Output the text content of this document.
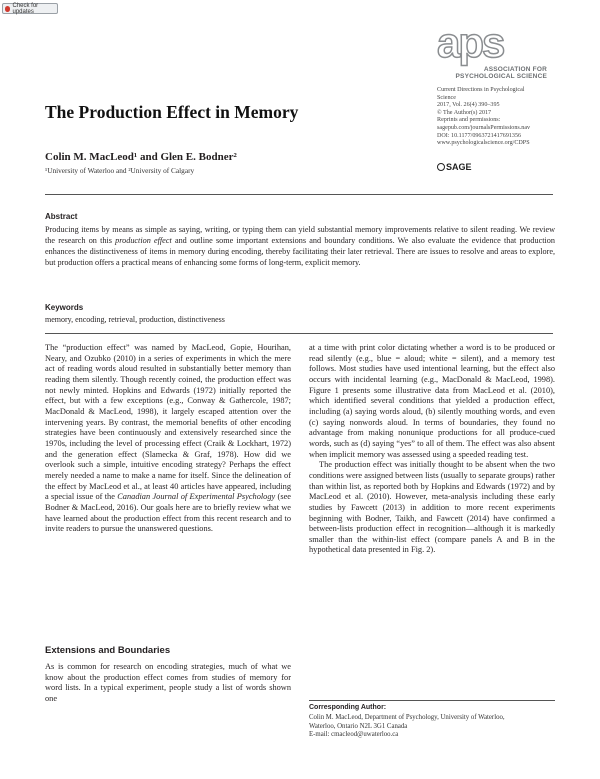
Check for updates
aps
ASSOCIATION FOR
PSYCHOLOGICAL SCIENCE
Current Directions in Psychological
Science
2017, Vol. 26(4) 390–395
© The Author(s) 2017
Reprints and permissions:
sagepub.com/journalsPermissions.nav
DOI: 10.1177/0963721417691356
www.psychologicalscience.org/CDPS
SAGE
The Production Effect in Memory
Colin M. MacLeod¹ and Glen E. Bodner²
¹University of Waterloo and ²University of Calgary
Abstract
Producing items by means as simple as saying, writing, or typing them can yield substantial memory improvements relative to silent reading. We review the research on this production effect and outline some important extensions and boundary conditions. We also evaluate the evidence that production enhances the distinctiveness of items in memory during encoding, thereby facilitating their later retrieval. There are issues to resolve and areas to explore, but production offers a practical means of enhancing some forms of long-term, explicit memory.
Keywords
memory, encoding, retrieval, production, distinctiveness

The “production effect” was named by MacLeod, Gopie, Hourihan, Neary, and Ozubko (2010) in a series of experiments in which the mere act of reading words aloud resulted in substantially better memory than reading them silently. Though recently coined, the production effect was not newly minted. Hopkins and Edwards (1972) initially reported the effect, but with a few exceptions (e.g., Conway & Gathercole, 1987; MacDonald & MacLeod, 1998), it largely escaped attention over the intervening years. By contrast, the memorial benefits of other encoding strategies have been continuously and extensively researched since the 1970s, including the level of processing effect (Craik & Lockhart, 1972) and the generation effect (Slamecka & Graf, 1978). How did we overlook such a simple, intuitive encoding strategy? Perhaps the effect merely needed a name to make a name for itself. Since the delineation of the effect by MacLeod et al., at least 40 articles have appeared, including a special issue of the Canadian Journal of Experimental Psychology (see Bodner & MacLeod, 2016). Our goals here are to briefly review what we have learned about the production effect from this recent research and to invite readers to pursue the unanswered questions.

Extensions and Boundaries

As is common for research on encoding strategies, much of what we know about the production effect comes from studies of memory for word lists. In a typical experiment, people study a list of words shown one

at a time with print color dictating whether a word is to be produced or read silently (e.g., blue = aloud; white = silent), and a memory test follows. Most studies have used intentional learning, but the effect also occurs with incidental learning (e.g., MacDonald & MacLeod, 1998). Figure 1 presents some illustrative data from MacLeod et al. (2010), which identified several conditions that yielded a production effect, including (a) saying words aloud, (b) silently mouthing words, and even (c) saying nonwords aloud. In terms of boundaries, they found no advantage from making nonunique productions for all produce-cued words, such as (d) saying “yes” to all of them. The effect was also absent when implicit memory was assessed using a speeded reading test.

The production effect was initially thought to be absent when the two conditions were assigned between lists (usually to separate groups) rather than within list, as reported both by Hopkins and Edwards (1972) and by MacLeod et al. (2010). However, meta-analysis including these early studies by Fawcett (2013) in addition to more recent experiments beginning with Bodner, Taikh, and Fawcett (2014) have confirmed a between-lists production effect in recognition—although it is markedly smaller than the within-list effect (compare panels A and B in the hypothetical data presented in Fig. 2).

Corresponding Author:
Colin M. MacLeod, Department of Psychology, University of Waterloo,
Waterloo, Ontario N2L 3G1 Canada
E-mail: cmacleod@uwaterloo.ca
